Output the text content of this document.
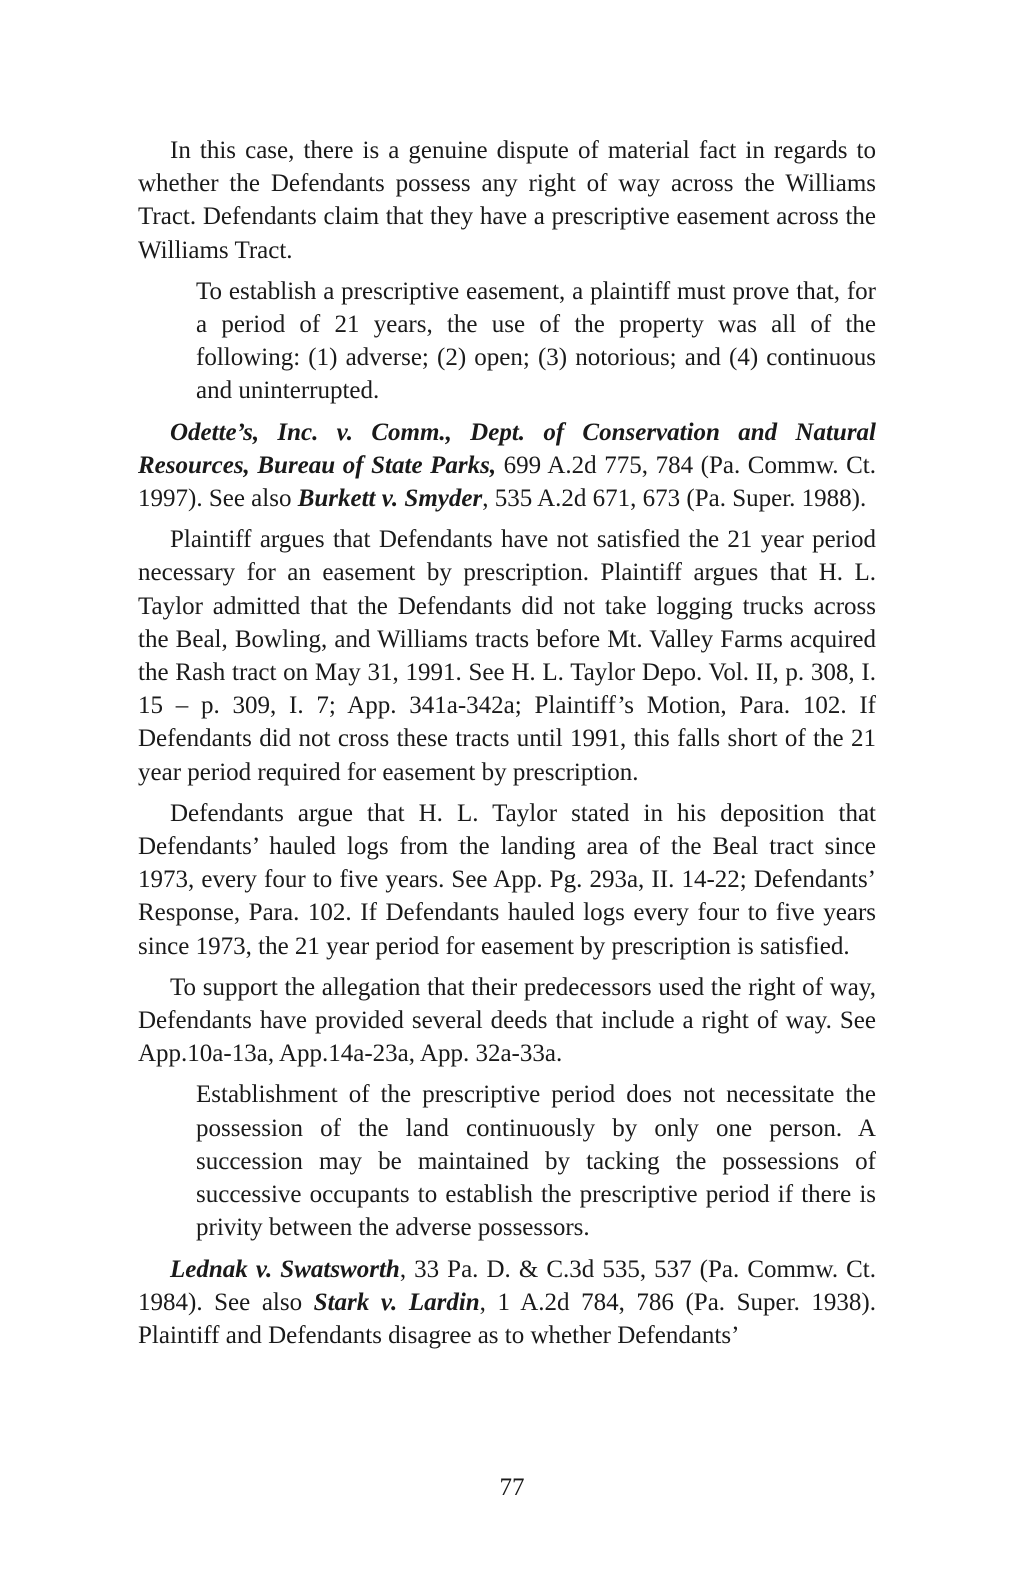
In this case, there is a genuine dispute of material fact in regards to whether the Defendants possess any right of way across the Williams Tract. Defendants claim that they have a prescriptive easement across the Williams Tract.

To establish a prescriptive easement, a plaintiff must prove that, for a period of 21 years, the use of the property was all of the following: (1) adverse; (2) open; (3) notorious; and (4) continuous and uninterrupted.

Odette’s, Inc. v. Comm., Dept. of Conservation and Natural Resources, Bureau of State Parks, 699 A.2d 775, 784 (Pa. Commw. Ct. 1997). See also Burkett v. Smyder, 535 A.2d 671, 673 (Pa. Super. 1988).

Plaintiff argues that Defendants have not satisfied the 21 year period necessary for an easement by prescription. Plaintiff argues that H. L. Taylor admitted that the Defendants did not take logging trucks across the Beal, Bowling, and Williams tracts before Mt. Valley Farms acquired the Rash tract on May 31, 1991. See H. L. Taylor Depo. Vol. II, p. 308, I. 15 – p. 309, I. 7; App. 341a-342a; Plaintiff’s Motion, Para. 102. If Defendants did not cross these tracts until 1991, this falls short of the 21 year period required for easement by prescription.

Defendants argue that H. L. Taylor stated in his deposition that Defendants’ hauled logs from the landing area of the Beal tract since 1973, every four to five years. See App. Pg. 293a, II. 14-22; Defendants’ Response, Para. 102. If Defendants hauled logs every four to five years since 1973, the 21 year period for easement by prescription is satisfied.

To support the allegation that their predecessors used the right of way, Defendants have provided several deeds that include a right of way. See App.10a-13a, App.14a-23a, App. 32a-33a.

Establishment of the prescriptive period does not necessitate the possession of the land continuously by only one person. A succession may be maintained by tacking the possessions of successive occupants to establish the prescriptive period if there is privity between the adverse possessors.

Lednak v. Swatsworth, 33 Pa. D. & C.3d 535, 537 (Pa. Commw. Ct. 1984). See also Stark v. Lardin, 1 A.2d 784, 786 (Pa. Super. 1938). Plaintiff and Defendants disagree as to whether Defendants’

77
